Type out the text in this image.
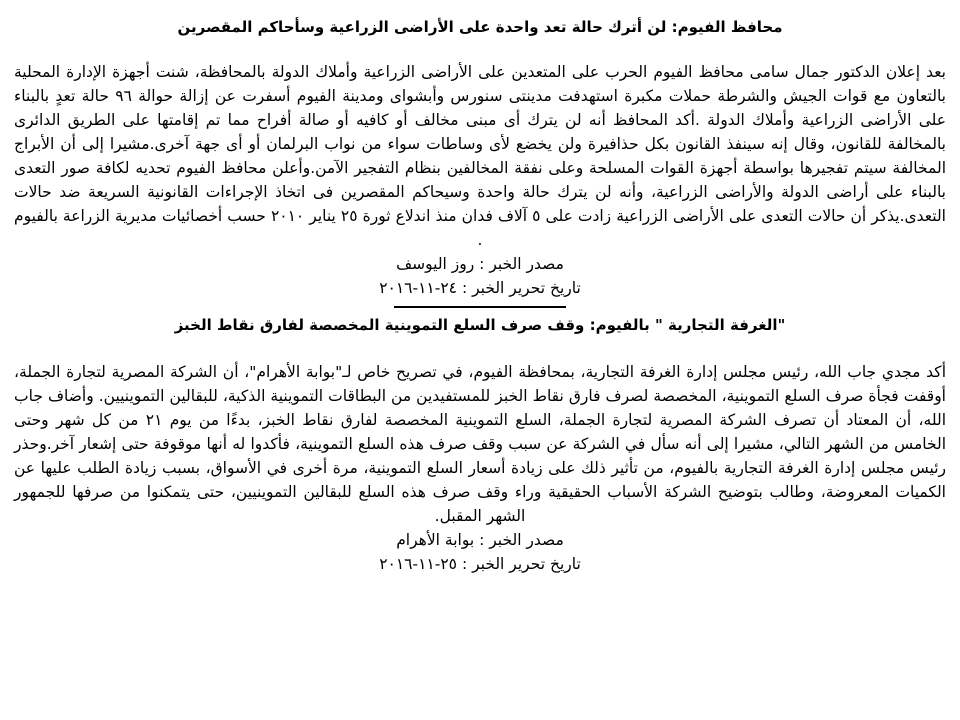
محافظ الفيوم: لن أترك حالة تعد واحدة على الأراضى الزراعية وسأحاكم المقصرين

بعد إعلان الدكتور جمال سامى محافظ الفيوم الحرب على المتعدين على الأراضى الزراعية وأملاك الدولة بالمحافظة، شنت أجهزة الإدارة المحلية بالتعاون مع قوات الجيش والشرطة حملات مكبرة استهدفت مدينتى سنورس وأبشواى ومدينة الفيوم أسفرت عن إزالة حوالة ٩٦ حالة تعدٍ بالبناء على الأراضى الزراعية وأملاك الدولة .أكد المحافظ أنه لن يترك أى مبنى مخالف أو كافيه أو صالة أفراح مما تم إقامتها على الطريق الدائرى بالمخالفة للقانون، وقال إنه سينفذ القانون بكل حذافيرة ولن يخضع لأى وساطات سواء من نواب البرلمان أو أى جهة آخرى.مشيرا إلى أن الأبراج المخالفة سيتم تفجيرها بواسطة أجهزة القوات المسلحة وعلى نفقة المخالفين بنظام التفجير الآمن.وأعلن محافظ الفيوم تحديه لكافة صور التعدى بالبناء على أراضى الدولة والأراضى الزراعية، وأنه لن يترك حالة واحدة وسيحاكم المقصرين فى اتخاذ الإجراءات القانونية السريعة ضد حالات التعدى.يذكر أن حالات التعدى على الأراضى الزراعية زادت على ٥ آلاف فدان منذ اندلاع ثورة ٢٥ يناير ٢٠١٠ حسب أخصائيات مديرية الزراعة بالفيوم .

مصدر الخبر : روز اليوسف

تاريخ تحرير الخبر : ٢٤-١١-٢٠١٦

"الغرفة التجارية " بالفيوم: وقف صرف السلع التموينية المخصصة لفارق نقاط الخبز

أكد مجدي جاب الله، رئيس مجلس إدارة الغرفة التجارية، بمحافظة الفيوم، في تصريح خاص لـ"بوابة الأهرام"، أن الشركة المصرية لتجارة الجملة، أوقفت فجأة صرف السلع التموينية، المخصصة لصرف فارق نقاط الخبز للمستفيدين من البطاقات التموينية الذكية، للبقالين التموينيين. وأضاف جاب الله، أن المعتاد أن تصرف الشركة المصرية لتجارة الجملة، السلع التموينية المخصصة لفارق نقاط الخبز، بدءًا من يوم ٢١ من كل شهر وحتى الخامس من الشهر التالي، مشيرا إلى أنه سأل في الشركة عن سبب وقف صرف هذه السلع التموينية، فأكدوا له أنها موقوفة حتى إشعار آخر.وحذر رئيس مجلس إدارة الغرفة التجارية بالفيوم، من تأثير ذلك على زيادة أسعار السلع التموينية، مرة أخرى في الأسواق، بسبب زيادة الطلب عليها عن الكميات المعروضة، وطالب بتوضيح الشركة الأسباب الحقيقية وراء وقف صرف هذه السلع للبقالين التموينيين، حتى يتمكنوا من صرفها للجمهور الشهر المقبل.

مصدر الخبر : بوابة الأهرام

تاريخ تحرير الخبر : ٢٥-١١-٢٠١٦
